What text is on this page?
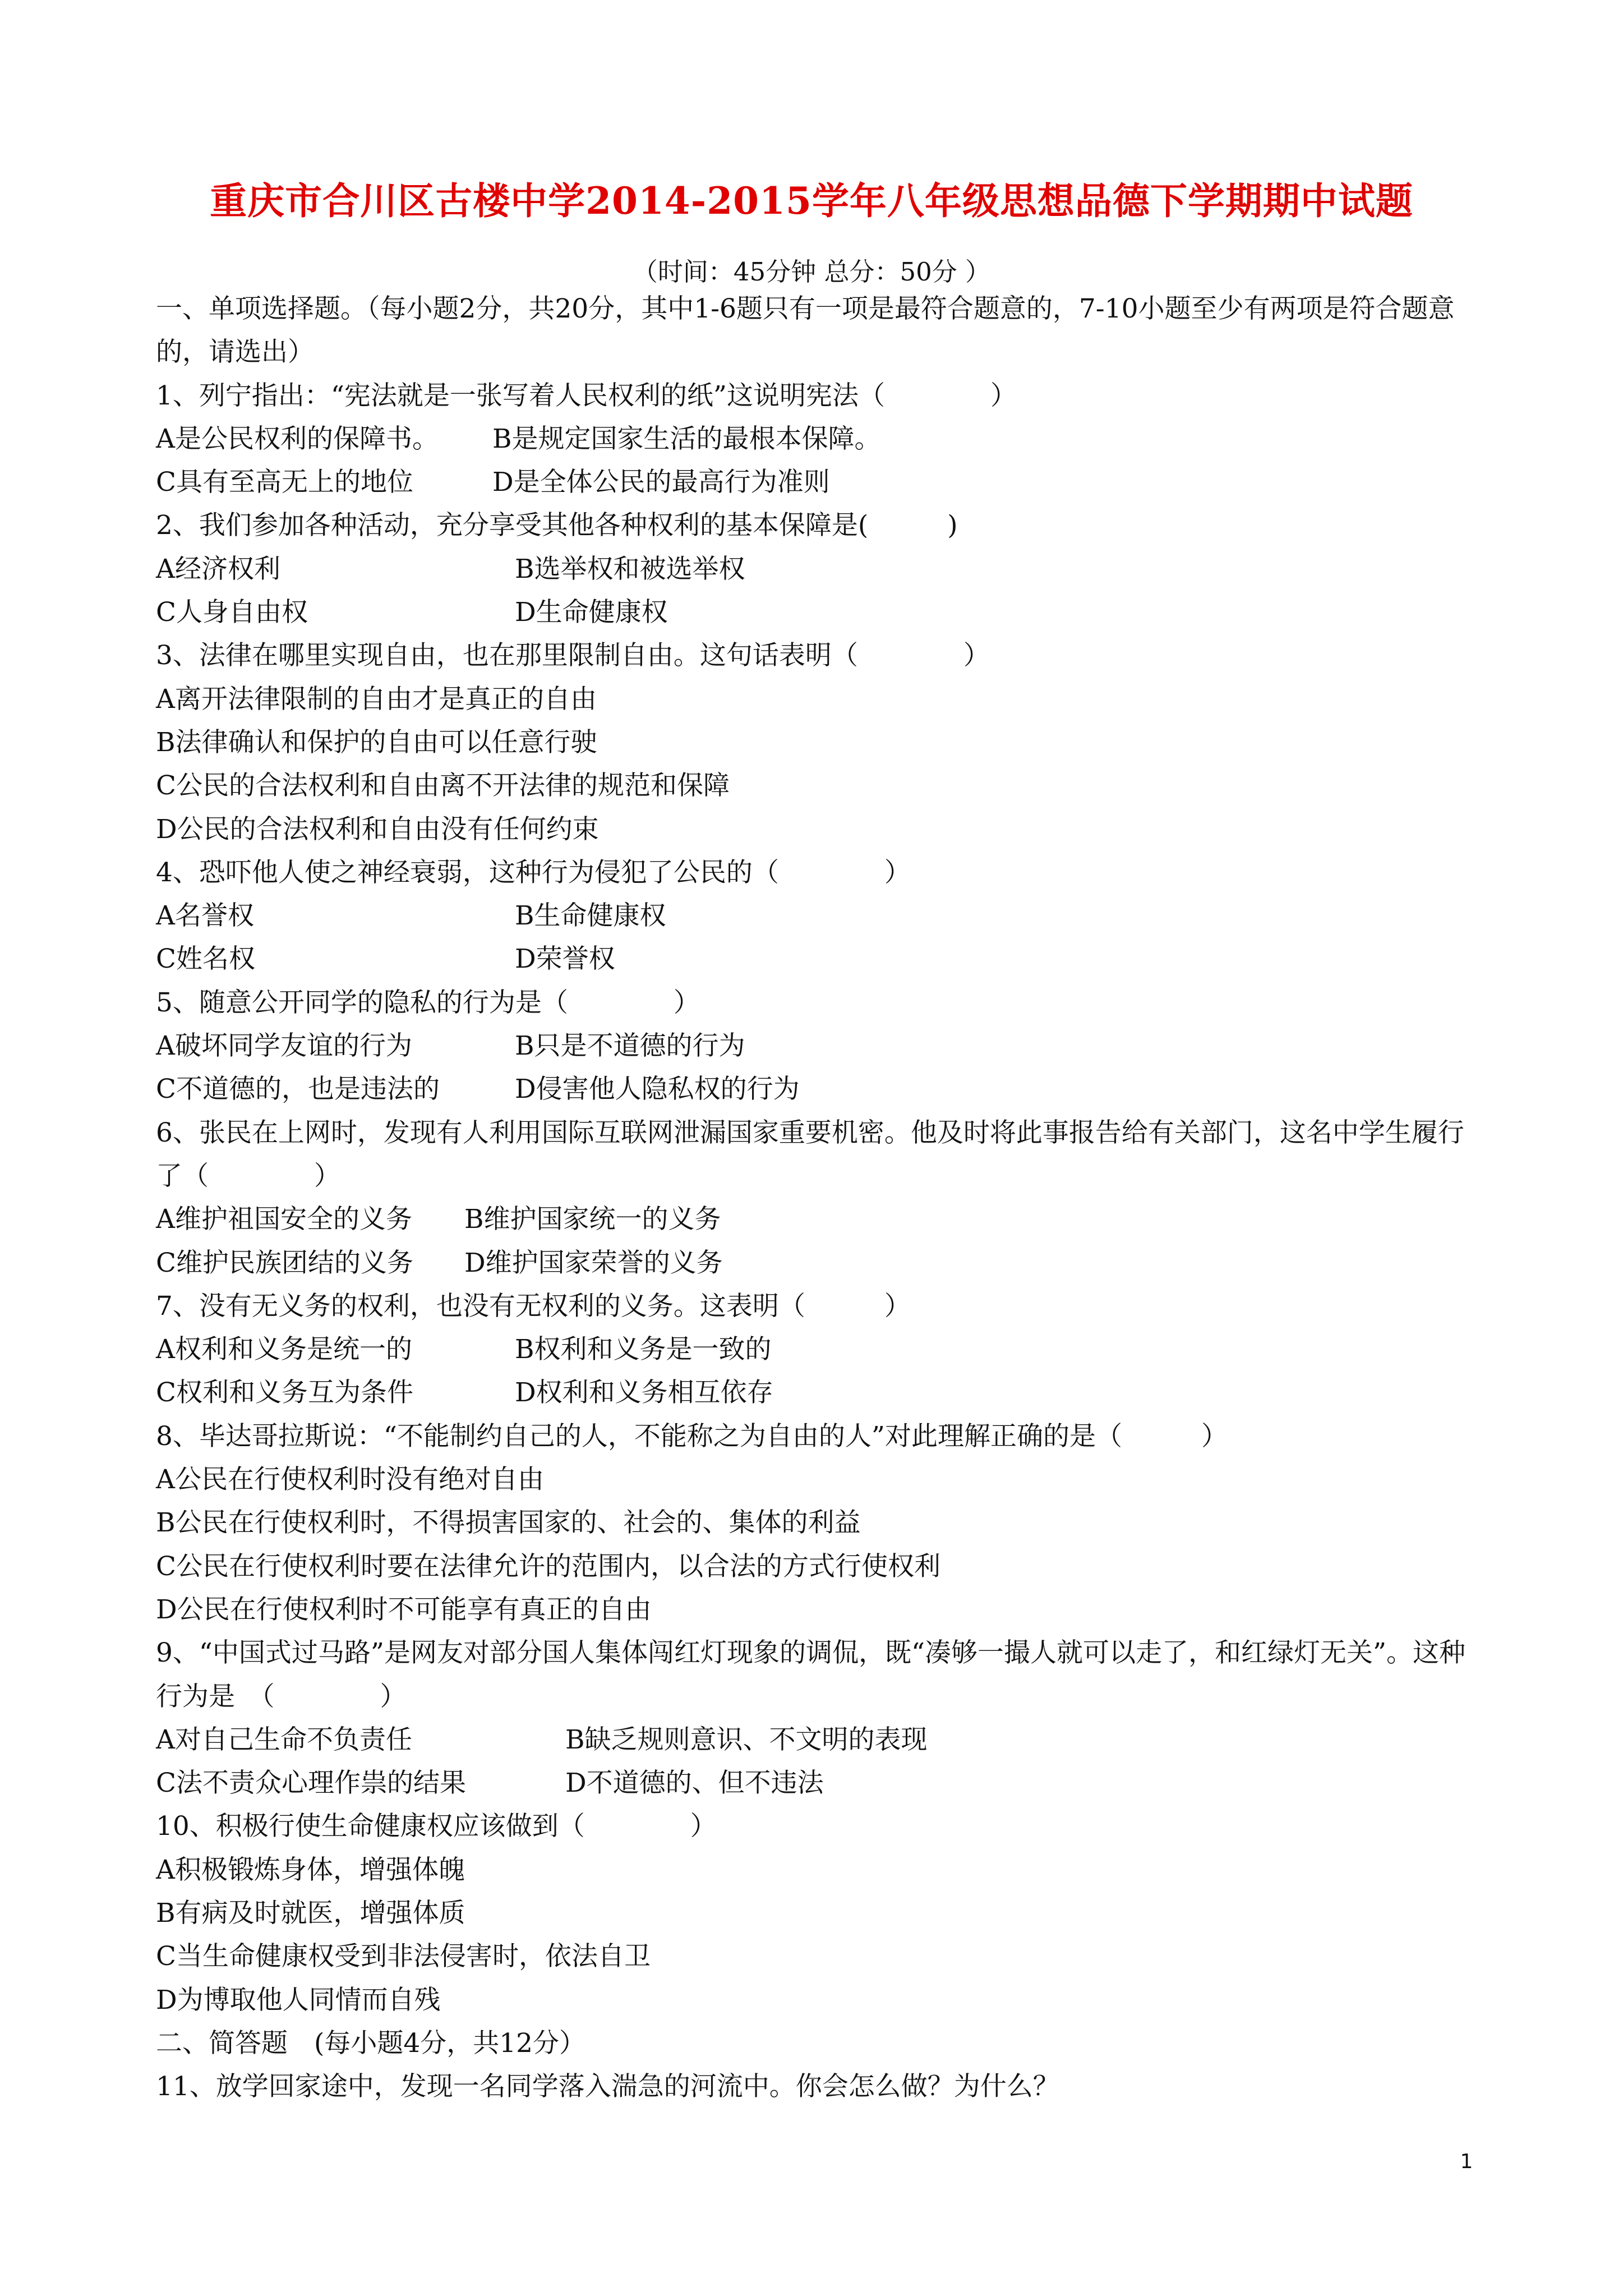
重庆市合川区古楼中学2014-2015学年八年级思想品德下学期期中试题
（时间：45分钟 总分：50分 ）
一、单项选择题。（每小题2分，共20分，其中1-6题只有一项是最符合题意的，7-10小题至少有两项是符合题意的，请选出）
1、列宁指出：“宪法就是一张写着人民权利的纸”这说明宪法（　　　　）
A是公民权利的保障书。 B是规定国家生活的最根本保障。
C具有至高无上的地位	D是全体公民的最高行为准则
2、我们参加各种活动，充分享受其他各种权利的基本保障是(　　　)
A经济权利	B选举权和被选举权
C人身自由权	D生命健康权
3、法律在哪里实现自由，也在那里限制自由。这句话表明（　　　　）
A离开法律限制的自由才是真正的自由
B法律确认和保护的自由可以任意行驶
C公民的合法权利和自由离不开法律的规范和保障
D公民的合法权利和自由没有任何约束
4、恐吓他人使之神经衰弱，这种行为侵犯了公民的（　　　　）
A名誉权	B生命健康权
C姓名权	D荣誉权
5、随意公开同学的隐私的行为是（　　　　）
A破坏同学友谊的行为	B只是不道德的行为
C不道德的，也是违法的	D侵害他人隐私权的行为
6、张民在上网时，发现有人利用国际互联网泄漏国家重要机密。他及时将此事报告给有关部门，这名中学生履行了（　　　　）
A维护祖国安全的义务 B维护国家统一的义务
C维护民族团结的义务 D维护国家荣誉的义务
7、没有无义务的权利，也没有无权利的义务。这表明（　　　）
A权利和义务是统一的	B权利和义务是一致的
C权利和义务互为条件	D权利和义务相互依存
8、毕达哥拉斯说：“不能制约自己的人，不能称之为自由的人”对此理解正确的是（　　　）
A公民在行使权利时没有绝对自由
B公民在行使权利时，不得损害国家的、社会的、集体的利益
C公民在行使权利时要在法律允许的范围内，以合法的方式行使权利
D公民在行使权利时不可能享有真正的自由
9、“中国式过马路”是网友对部分国人集体闯红灯现象的调侃，既“凑够一撮人就可以走了，和红绿灯无关”。这种行为是　（　　　　）
A对自己生命不负责任	B缺乏规则意识、不文明的表现
C法不责众心理作祟的结果	D不道德的、但不违法
10、积极行使生命健康权应该做到（　　　　）
A积极锻炼身体，增强体魄
B有病及时就医，增强体质
C当生命健康权受到非法侵害时，依法自卫
D为博取他人同情而自残
二、简答题　(每小题4分，共12分）
11、放学回家途中，发现一名同学落入湍急的河流中。你会怎么做？为什么？
1
